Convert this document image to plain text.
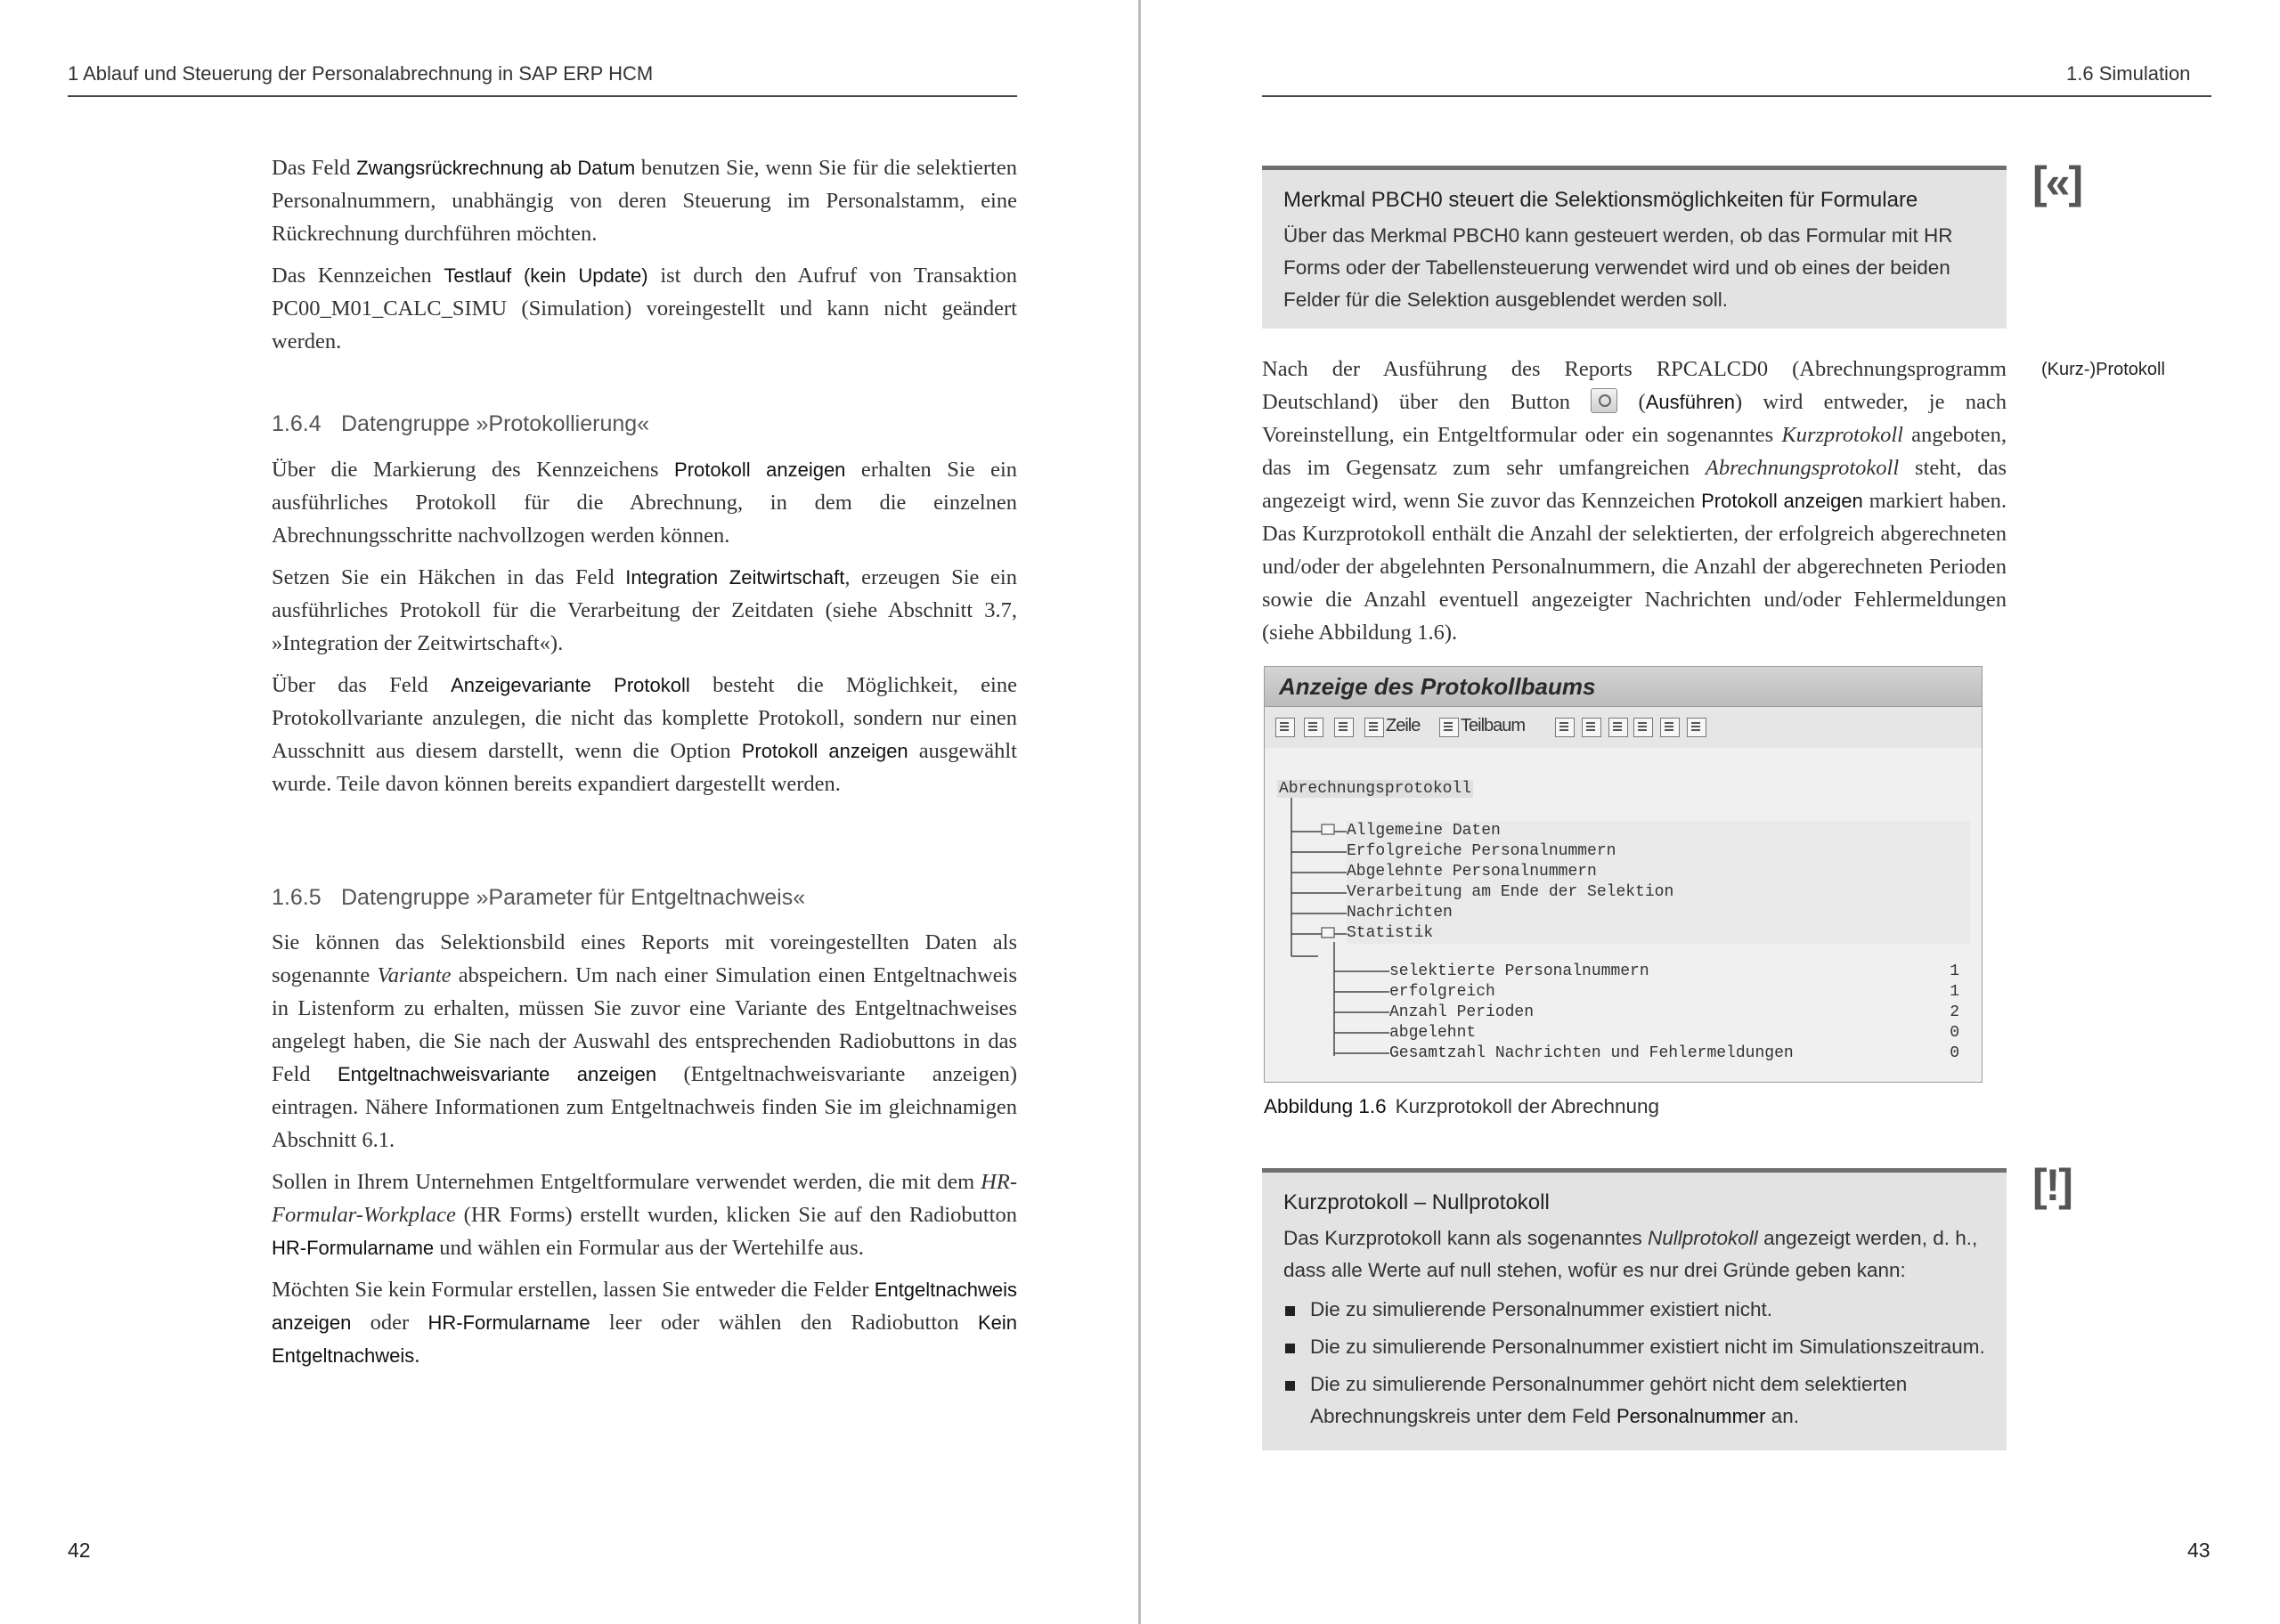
1 Ablauf und Steuerung der Personalabrechnung in SAP ERP HCM

Das Feld Zwangsrückrechnung ab Datum benutzen Sie, wenn Sie für die selektierten Personalnummern, unabhängig von deren Steuerung im Personalstamm, eine Rückrechnung durchführen möchten.

Das Kennzeichen Testlauf (kein Update) ist durch den Aufruf von Transaktion PC00_M01_CALC_SIMU (Simulation) voreingestellt und kann nicht geändert werden.

1.6.4 Datengruppe »Protokollierung«

Über die Markierung des Kennzeichens Protokoll anzeigen erhalten Sie ein ausführliches Protokoll für die Abrechnung, in dem die einzelnen Abrechnungsschritte nachvollzogen werden können.

Setzen Sie ein Häkchen in das Feld Integration Zeitwirtschaft, erzeugen Sie ein ausführliches Protokoll für die Verarbeitung der Zeitdaten (siehe Abschnitt 3.7, »Integration der Zeitwirtschaft«).

Über das Feld Anzeigevariante Protokoll besteht die Möglichkeit, eine Protokollvariante anzulegen, die nicht das komplette Protokoll, sondern nur einen Ausschnitt aus diesem darstellt, wenn die Option Protokoll anzeigen ausgewählt wurde. Teile davon können bereits expandiert dargestellt werden.

1.6.5 Datengruppe »Parameter für Entgeltnachweis«

Sie können das Selektionsbild eines Reports mit voreingestellten Daten als sogenannte Variante abspeichern. Um nach einer Simulation einen Entgeltnachweis in Listenform zu erhalten, müssen Sie zuvor eine Variante des Entgeltnachweises angelegt haben, die Sie nach der Auswahl des entsprechenden Radiobuttons in das Feld Entgeltnachweisvariante anzeigen (Entgeltnachweisvariante anzeigen) eintragen. Nähere Informationen zum Entgeltnachweis finden Sie im gleichnamigen Abschnitt 6.1.

Sollen in Ihrem Unternehmen Entgeltformulare verwendet werden, die mit dem HR-Formular-Workplace (HR Forms) erstellt wurden, klicken Sie auf den Radiobutton HR-Formularname und wählen ein Formular aus der Wertehilfe aus.

Möchten Sie kein Formular erstellen, lassen Sie entweder die Felder Entgeltnachweis anzeigen oder HR-Formularname leer oder wählen den Radiobutton Kein Entgeltnachweis.

42
1.6 Simulation
Merkmal PBCH0 steuert die Selektionsmöglichkeiten für Formulare
Über das Merkmal PBCH0 kann gesteuert werden, ob das Formular mit HR Forms oder der Tabellensteuerung verwendet wird und ob eines der beiden Felder für die Selektion ausgeblendet werden soll.
[«]
(Kurz-)Protokoll

Nach der Ausführung des Reports RPCALCD0 (Abrechnungsprogramm Deutschland) über den Button  (Ausführen) wird entweder, je nach Voreinstellung, ein Entgeltformular oder ein sogenanntes Kurzprotokoll angeboten, das im Gegensatz zum sehr umfangreichen Abrechnungsprotokoll steht, das angezeigt wird, wenn Sie zuvor das Kennzeichen Protokoll anzeigen markiert haben. Das Kurzprotokoll enthält die Anzahl der selektierten, der erfolgreich abgerechneten und/oder der abgelehnten Personalnummern, die Anzahl der abgerechneten Perioden sowie die Anzahl eventuell angezeigter Nachrichten und/oder Fehlermeldungen (siehe Abbildung 1.6).

Anzeige des Protokollbaums
Zeile Teilbaum
Abrechnungsprotokoll
Allgemeine Daten
Erfolgreiche Personalnummern
Abgelehnte Personalnummern
Verarbeitung am Ende der Selektion
Nachrichten
Statistik
selektierte Personalnummern	1
erfolgreich	1
Anzahl Perioden	2
abgelehnt	0
Gesamtzahl Nachrichten und Fehlermeldungen	0
Abbildung 1.6 Kurzprotokoll der Abrechnung
Kurzprotokoll – Nullprotokoll
Das Kurzprotokoll kann als sogenanntes Nullprotokoll angezeigt werden, d. h., dass alle Werte auf null stehen, wofür es nur drei Gründe geben kann:
Die zu simulierende Personalnummer existiert nicht.
Die zu simulierende Personalnummer existiert nicht im Simulationszeitraum.
Die zu simulierende Personalnummer gehört nicht dem selektierten Abrechnungskreis unter dem Feld Personalnummer an.
[!]
43
